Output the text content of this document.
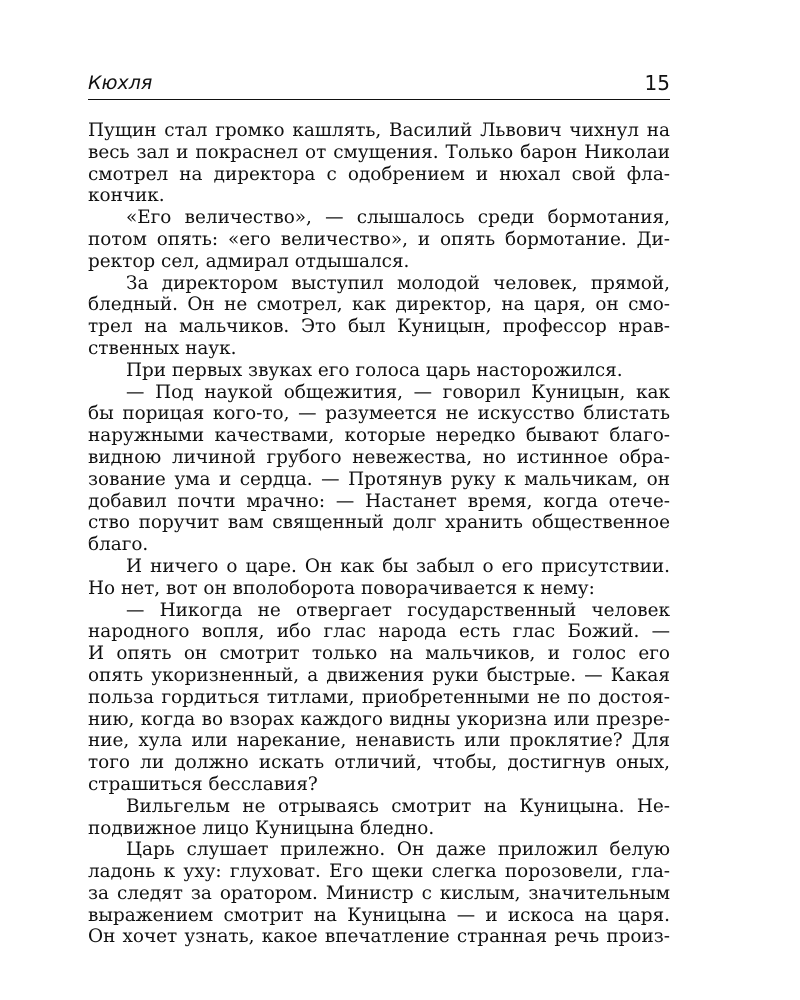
Кюхля	15
Пущин стал громко кашлять, Василий Львович чихнул на
весь зал и покраснел от смущения. Только барон Николаи
смотрел на директора с одобрением и нюхал свой фла-
кончик.
«Его величество», — слышалось среди бормотания,
потом опять: «его величество», и опять бормотание. Ди-
ректор сел, адмирал отдышался.
За директором выступил молодой человек, прямой,
бледный. Он не смотрел, как директор, на царя, он смо-
трел на мальчиков. Это был Куницын, профессор нрав-
ственных наук.
При первых звуках его голоса царь насторожился.
— Под наукой общежития, — говорил Куницын, как
бы порицая кого-то, — разумеется не искусство блистать
наружными качествами, которые нередко бывают благо-
видною личиной грубого невежества, но истинное обра-
зование ума и сердца. — Протянув руку к мальчикам, он
добавил почти мрачно: — Настанет время, когда отече-
ство поручит вам священный долг хранить общественное
благо.
И ничего о царе. Он как бы забыл о его присутствии.
Но нет, вот он вполоборота поворачивается к нему:
— Никогда не отвергает государственный человек
народного вопля, ибо глас народа есть глас Божий. —
И опять он смотрит только на мальчиков, и голос его
опять укоризненный, а движения руки быстрые. — Какая
польза гордиться титлами, приобретенными не по достоя-
нию, когда во взорах каждого видны укоризна или презре-
ние, хула или нарекание, ненависть или проклятие? Для
того ли должно искать отличий, чтобы, достигнув оных,
страшиться бесславия?
Вильгельм не отрываясь смотрит на Куницына. Не-
подвижное лицо Куницына бледно.
Царь слушает прилежно. Он даже приложил белую
ладонь к уху: глуховат. Его щеки слегка порозовели, гла-
за следят за оратором. Министр с кислым, значительным
выражением смотрит на Куницына — и искоса на царя.
Он хочет узнать, какое впечатление странная речь произ-
